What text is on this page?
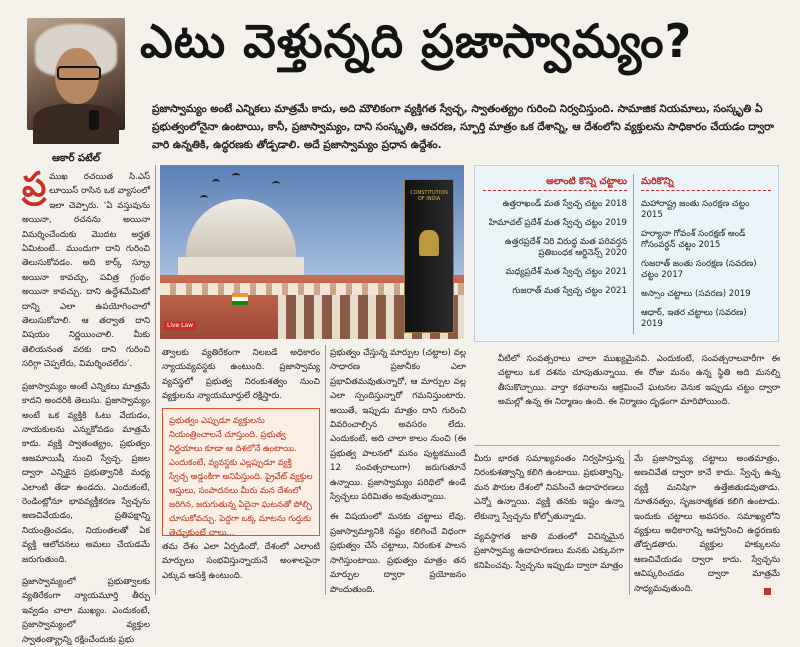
ఎటు వెళ్తున్నది ప్రజాస్వామ్యం?
ప్రజాస్వామ్యం అంటే ఎన్నికలు మాత్రమే కాదు, అది మౌలికంగా వ్యక్తిగత స్వేచ్ఛ, స్వాతంత్య్రం గురించి నిర్వచిస్తుంది. సామాజిక నియమాలు, సంస్కృతి ఏ ప్రభుత్వంలోనైనా ఉంటాయి, కానీ, ప్రజాస్వామ్యం, దాని సంస్కృతి, ఆచరణ, స్ఫూర్తి మాత్రం ఒక దేశాన్ని, ఆ దేశంలోని వ్యక్తులను సాధికారం చేయడం ద్వారా వారి ఉన్నతికి, ఉద్ధరణకు తోడ్పడాలి. అదే ప్రజాస్వామ్యం ప్రధాన ఉద్దేశం.
ఆకార్ పటేల్
ప్ర ముఖ రచయిత సి.ఎస్ లూయిస్ రాసిన ఒక వ్యాసంలో ఇలా చెప్పారు. ‘ఏ వస్తువును అయినా, రచనను అయినా విమర్శించేందుకు మొదట అర్హత ఏమిటంటే.. ముందుగా దాని గురించి తెలుసుకోవడం. అది కార్క్ స్క్రూ అయినా కావచ్చు, పవిత్ర గ్రంథం అయినా కావచ్చు. దాని ఉద్దేశమేమిటో దాన్ని ఎలా ఉపయోగించాలో తెలుసుకోవాలి. ఆ తర్వాత దాని విషయం నిర్ణయించాలి. మీకు తెలియనంత వరకు దాని గురించి సరిగ్గా చెప్పలేరు, విమర్శించలేరు’.

ప్రజాస్వామ్యం అంటే ఎన్నికలు మాత్రమే కాదని అందరికి తెలుసు. ప్రజాస్వామ్యం అంటే ఒక వ్యక్తికి ఓటు వేయడం, నాయకులను ఎన్నుకోవడం మాత్రమే కాదు. వ్యక్తి స్వాతంత్య్రం, ప్రభుత్వం ఆజమాయిషీ నుంచి స్వేచ్ఛ. ప్రజల ద్వారా ఎన్నికైన ప్రభుత్వానికి మధ్య ఎలాంటి తేడా ఉండదు. ఎందుకంటే, రెండింట్లోనూ భావవ్యక్తీకరణ స్వేచ్ఛను అణచివేయడం, ప్రతిపక్షాన్ని నియంత్రించడం, నియంతలతో ఏక వ్యక్తి ఆలోచనలు అమలు చేయడమే జరుగుతుంది.

ప్రజాస్వామ్యంలో ప్రభుత్వాలకు వ్యతిరేకంగా న్యాయమూర్తి తీర్పు ఇవ్వడం చాలా ముఖ్యం. ఎందుకంటే, ప్రజాస్వామ్యంలో వ్యక్తుల స్వాతంత్య్రాన్ని రక్షించేందుకు ప్రభు

CONSTITUTION OF INDIA
Live Law

త్వాలకు వ్యతిరేకంగా నిలబడే అధికారం న్యాయవ్యవస్థకు ఉంటుంది. ప్రజాస్వామ్య వ్యవస్థలో ప్రభుత్వ నిరంకుశత్వం నుంచి వ్యక్తులను న్యాయమూర్తులే రక్షిస్తారు.

ప్రభుత్వం ఎప్పుడూ వ్యక్తులను నియంత్రించాలనే చూస్తుంది. ప్రభుత్వ నిర్ణయాలు కూడా ఆ దిశలోనే ఉంటాయి. ఎందుకంటే, వ్యవస్థకు ఎల్లప్పుడూ వ్యక్తి స్వేచ్ఛ అడ్డంకిగా అనిపిస్తుంది. ప్రైవేట్ వ్యక్తుల ఆస్తులు, సంపాదనలు మీరు మన దేశంలో జరిగిన, జరుగుతున్న ఏదైనా ఘటనతో పోల్చి చూసుకోవచ్చు. పెద్దగా ఒక్క మాటను గుర్తుకు తెచ్చుకుంటే చాలు...

తమ దేశం ఎలా ఏర్పడిందో, దేశంలో ఎలాంటి మార్పులు సంభవిస్తున్నాయనే అంశాలపైనా ఎక్కువ ఆసక్తి ఉంటుంది.

ప్రభుత్వం చేస్తున్న మార్పుల (చట్టాల) వల్ల సాధారణ ప్రజానీకం ఎలా ప్రభావితమవుతున్నారో, ఆ మార్పుల వల్ల ఎలా స్పందిస్తున్నారో గమనిస్తుంటారు. అయితే, ఇప్పుడు మాత్రం దాని గురించి వివరించాల్సిన అవసరం లేదు. ఎందుకంటే, అది చాలా కాలం నుంచి (ఈ ప్రభుత్వ పాలనలో మనం పుట్టకముందే 12 సంవత్సరాలుగా) జరుగుతూనే ఉన్నాయి. ప్రజాస్వామ్యం పరిధిలో ఉండే స్వేచ్ఛలు పరిమితం అవుతున్నాయి.

ఈ విషయంలో మనకు చట్టాలు లేవు. ప్రజాస్వామ్యానికి నష్టం కలిగించే విధంగా ప్రభుత్వం చేసే చట్టాలు, నిరంకుశ పాలన సాగిస్తుంటాయి. ప్రభుత్వం మాత్రం తన మార్పుల ద్వారా ప్రయోజనం పొందుతుంది.

అలాంటి కొన్ని చట్టాలు
ఉత్తరాఖండ్ మత స్వేచ్ఛ చట్టం 2018
హిమాచల్ ప్రదేశ్ మత స్వేచ్ఛ చట్టం 2019
ఉత్తరప్రదేశ్ నిరి విరుద్ధ మత పరివర్తన ప్రతిబంధక ఆర్డినెన్స్ 2020
మధ్యప్రదేశ్ మత స్వేచ్ఛ చట్టం 2021
గుజరాత్ మత స్వేచ్ఛ చట్టం 2021
మరికొన్ని
మహారాష్ట్ర జంతు సంరక్షణ చట్టం 2015
హర్యానా గోవంశ్ సంరక్షణ్ అండ్ గోసంవర్ధన్ చట్టం 2015
గుజరాత్ జంతు సంరక్షణ (సవరణ) చట్టం 2017
అస్సాం చట్టాలు (సవరణ) 2019
ఆధార్, ఇతర చట్టాలు (సవరణ) 2019
వీటిలో సంవత్సరాలు చాలా ముఖ్యమైనవి. ఎందుకంటే, సంవత్సరాలవారీగా ఈ చట్టాలు ఒక దశను చూపుతున్నాయి. ఈ రోజు మనం ఉన్న స్థితి అది మనల్ని తీసుకొచ్చాయి. వార్తా కథనాలను ఆక్రమించే ఘటనల వెనుక ఇప్పుడు చట్టం ద్వారా అమల్లో ఉన్న ఈ నిర్మాణం ఉంది. ఈ నిర్మాణం దృఢంగా మారిపోయింది.

మీరు భారత సమాఖ్యవంతం నిర్వహిస్తున్న నిరంకుశత్వాన్ని కలిగి ఉంటాయి. ప్రభుత్వాన్ని, మన పౌరుల దేశంలో నివసించే ఉదాహరణలు ఎన్నో ఉన్నాయి. వ్యక్తి తనకు ఇష్టం ఉన్నా లేకున్నా స్వేచ్ఛను కోల్పోతున్నాడు.

వ్యవస్థాగత జాతి మతంలో విచిన్నమైన ప్రజాస్వామ్య ఉదాహరణలు మనకు ఎక్కువగా కనిపించవు. స్వేచ్ఛను ఇప్పుడు ద్వారా మాత్రం

మే ప్రజాస్వామ్య చట్టాలు అంతమాత్రం, అణచివేత ద్వారా కానే కాదు. స్వేచ్ఛ ఉన్న వ్యక్తి మనిషిగా ఉత్తేజితుడవుతాడు. నూతనత్వం, సృజనాత్మకత కలిగి ఉంటాడు. ఇందుకు చట్టాలు అవసరం. సమాఖ్యలోని వ్యక్తులు అధికారాన్ని ఆహ్వానించి ఉద్ధరణకు తోడ్పడతారు. వ్యక్తుల హక్కులను ఆణచివేయడం ద్వారా కాదు. స్వేచ్ఛను ఆవిష్కరించడం ద్వారా మాత్రమే సాధ్యమవుతుంది.
